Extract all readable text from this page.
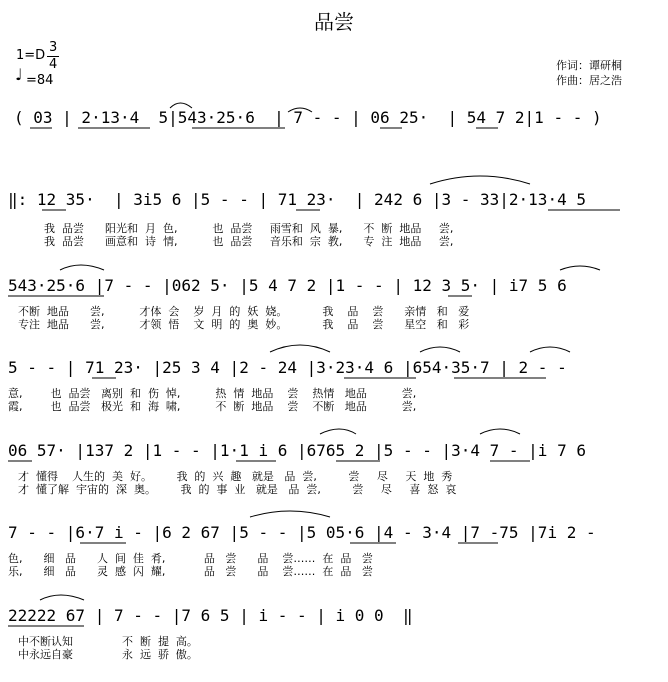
品尝
1=D
3
4
♩ =84
作词：谭研桐
作曲：居之浩
( 03 | 2·13·4  5|543·25·6  | 7 - - | 06 25·  | 54 7 2|1 - - )
‖: 12 35·  | 3i5 6 |5 - - | 71 23·  | 242 6 |3 - 33|2·13·4 5
我  品尝      阳光和  月  色,          也  品尝     雨雪和  风  暴,      不  断  地品     尝,
我  品尝      画意和  诗  情,          也  品尝     音乐和  宗  教,      专  注  地品     尝,
543·25·6 |7 - - |062 5· |5 4 7 2 |1 - - | 12 3 5· | i7 5 6
不断  地品      尝,          才体  会    岁  月  的  妖  娆。          我    品    尝      亲情   和   爱
专注  地品      尝,          才领  悟    文  明  的  奥  妙。          我    品    尝      星空   和   彩
5 - - | 71 23· |25 3 4 |2 - 24 |3·23·4 6 |654·35·7 | 2 - -
意,        也  品尝   离别  和  伤  悼,          热  情  地品    尝    热情   地品          尝,
霞,        也  品尝   极光  和  海  啸,          不  断  地品    尝    不断   地品          尝,
06 57· |137 2 |1 - - |1·1 i 6 |6765 2 |5 - - |3·4 7 - |i 7 6
才  懂得    人生的  美  好。       我  的  兴  趣   就是   品  尝,         尝     尽     天  地  秀
才  懂了解  宇宙的  深  奥。       我  的  事  业   就是   品  尝,         尝     尽     喜  怒  哀
7 - - |6·7 i - |6 2 67 |5 - - |5 05·6 |4 - 3·4 |7 -75 |7i 2 -
色,      细   品      人  间  佳  肴,           品   尝      品    尝……  在  品   尝
乐,      细   品      灵  感  闪  耀,           品   尝      品    尝……  在  品   尝
22222 67 | 7 - - |7 6 5 | i - - | i 0 0  ‖
中不断认知              不  断  提  高。
中永远自豪              永  远  骄  傲。
